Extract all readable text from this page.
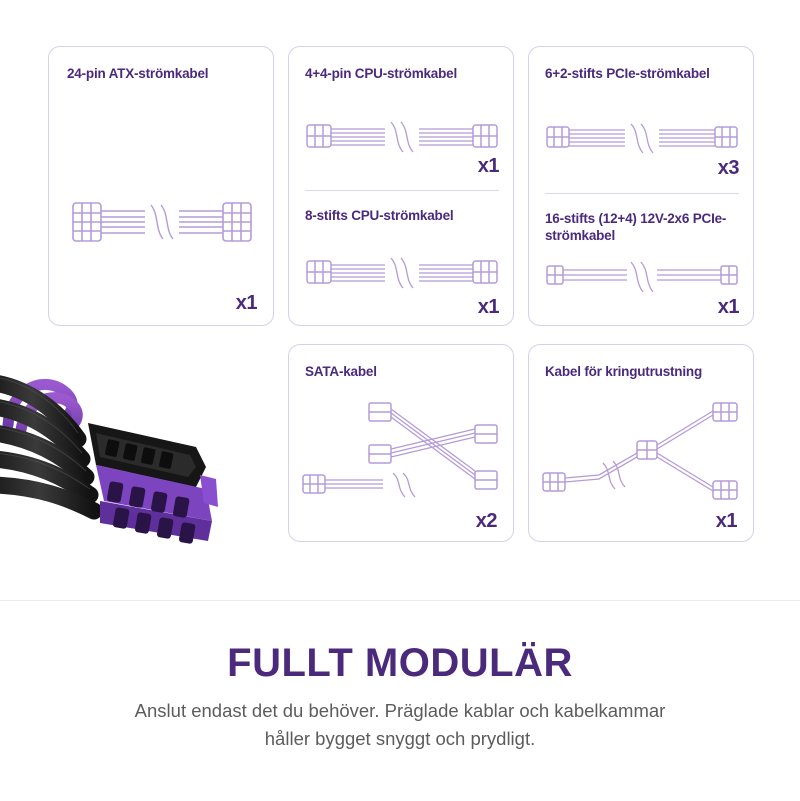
24-pin ATX-strömkabel
x1
4+4-pin CPU-strömkabel
x1
8-stifts CPU-strömkabel
x1
6+2-stifts PCIe-strömkabel
x3
16-stifts (12+4) 12V-2x6 PCIe-strömkabel
x1
SATA-kabel
x2
Kabel för kringutrustning
x1
FULLT MODULÄR
Anslut endast det du behöver. Präglade kablar och kabelkammar
håller bygget snyggt och prydligt.
